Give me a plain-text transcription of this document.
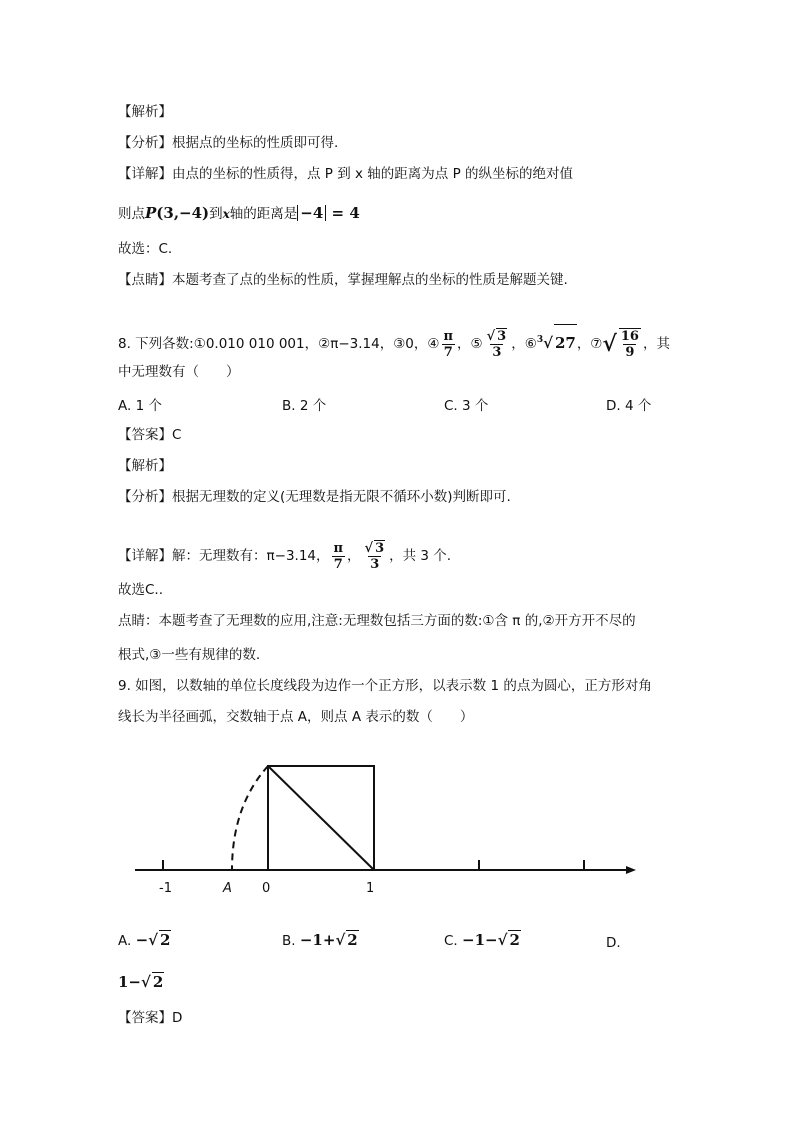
【解析】
【分析】根据点的坐标的性质即可得.
【详解】由点的坐标的性质得，点 P 到 x 轴的距离为点 P 的纵坐标的绝对值
则点P(3,−4)到x轴的距离是 −4 = 4
故选：C.
【点睛】本题考查了点的坐标的性质，掌握理解点的坐标的性质是解题关键.
8. 下列各数:①0.010 010 001，②π−3.14，③0，④ $\frac{\pi}{7}$ ，⑤ $\frac{√ 3}{3}$ ，⑥$^3$√ 27，⑦√ $\frac{16}{9}$ ，其
中无理数有（　　）
A. 1 个	B. 2 个	C. 3 个	D. 4 个
【答案】C
【解析】
【分析】根据无理数的定义(无理数是指无限不循环小数)判断即可.
【详解】解：无理数有：π−3.14， $\frac{\pi}{7}$ ， $\frac{√ 3}{3}$ ，共 3 个.
故选C..
点睛：本题考查了无理数的应用,注意:无理数包括三方面的数:①含 π 的,②开方开不尽的
根式,③一些有规律的数.
9. 如图，以数轴的单位长度线段为边作一个正方形，以表示数 1 的点为圆心，正方形对角
线长为半径画弧，交数轴于点 A，则点 A 表示的数（　　）
-1	A 0	1
A. −√ 2	B. −1+√ 2	C. −1−√ 2	D.
1−√ 2
【答案】D
